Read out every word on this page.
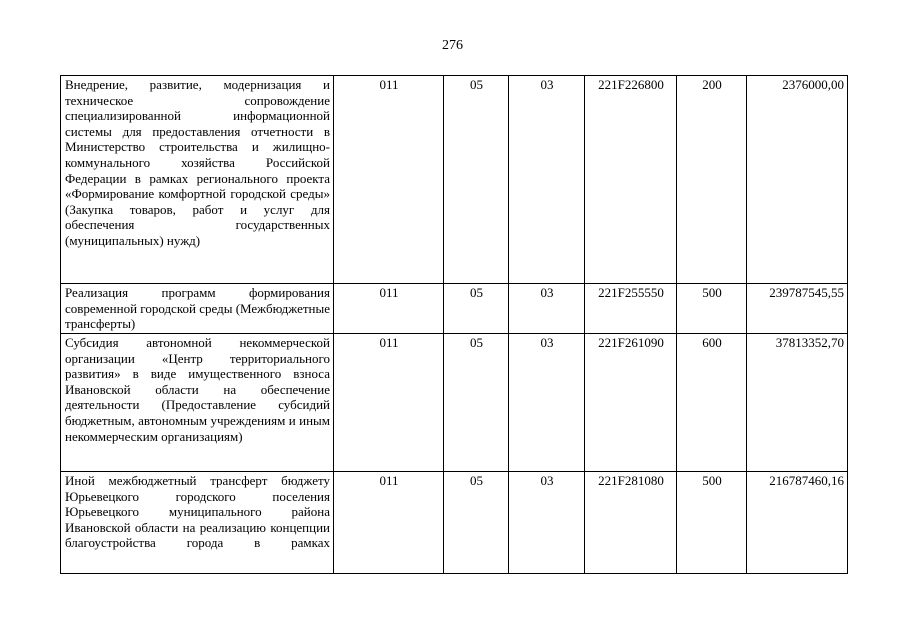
276
Внедрение, развитие, модернизация и техническое сопровождение специализированной информационной системы для предоставления отчетности в Министерство строительства и жилищно-коммунального хозяйства Российской Федерации в рамках регионального проекта «Формирование комфортной городской среды» (Закупка товаров, работ и услуг для обеспечения государственных (муниципальных) нужд)	011	05	03	221F226800	200	2376000,00
Реализация программ формирования современной городской среды (Межбюджетные трансферты)	011	05	03	221F255550	500	239787545,55
Субсидия автономной некоммерческой организации «Центр территориального развития» в виде имущественного взноса Ивановской области на обеспечение деятельности (Предоставление субсидий бюджетным, автономным учреждениям и иным некоммерческим организациям)	011	05	03	221F261090	600	37813352,70
Иной межбюджетный трансферт бюджету Юрьевецкого городского поселения Юрьевецкого муниципального района Ивановской области на реализацию концепции благоустройства города в рамках	011	05	03	221F281080	500	216787460,16
